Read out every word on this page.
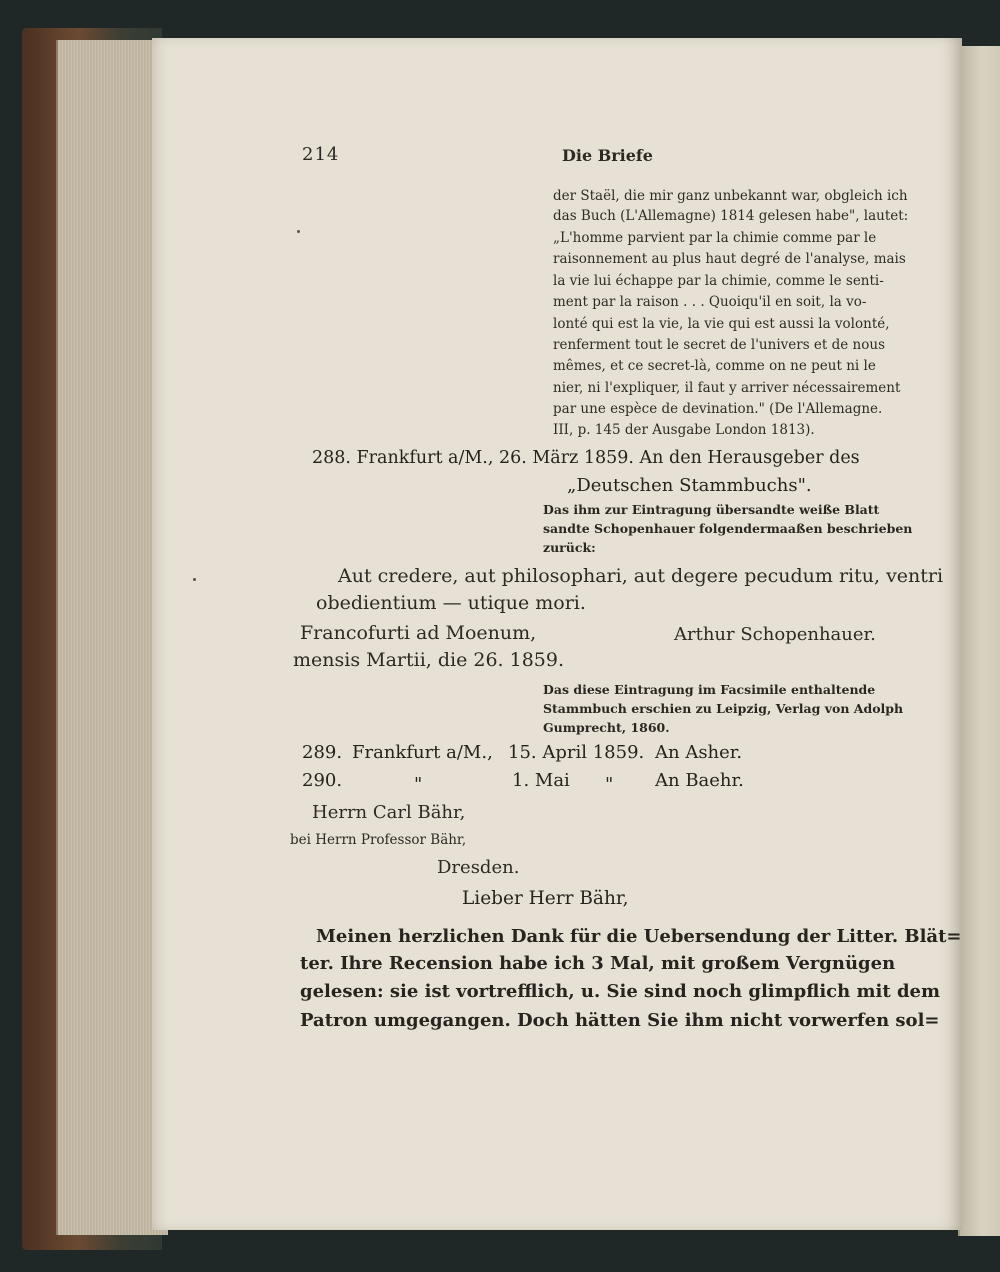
214	Die Briefe
der Staël, die mir ganz unbekannt war, obgleich ich
das Buch (L'Allemagne) 1814 gelesen habe", lautet:
„L'homme parvient par la chimie comme par le
raisonnement au plus haut degré de l'analyse, mais
la vie lui échappe par la chimie, comme le senti-
ment par la raison . . . Quoiqu'il en soit, la vo-
lonté qui est la vie, la vie qui est aussi la volonté,
renferment tout le secret de l'univers et de nous
mêmes, et ce secret-là, comme on ne peut ni le
nier, ni l'expliquer, il faut y arriver nécessairement
par une espèce de devination." (De l'Allemagne.
III, p. 145 der Ausgabe London 1813).
288. Frankfurt a/M., 26. März 1859. An den Herausgeber des
„Deutschen Stammbuchs".
Das ihm zur Eintragung übersandte weiße Blatt
sandte Schopenhauer folgendermaaßen beschrieben
zurück:
Aut credere, aut philosophari, aut degere pecudum ritu, ventri
obedientium — utique mori.
Francofurti ad Moenum,	Arthur Schopenhauer.
mensis Martii, die 26. 1859.
Das diese Eintragung im Facsimile enthaltende
Stammbuch erschien zu Leipzig, Verlag von Adolph
Gumprecht, 1860.
289. Frankfurt a/M., 15. April 1859. An Asher.
290.	"	1. Mai " An Baehr.
Herrn Carl Bähr,
bei Herrn Professor Bähr,
Dresden.
Lieber Herr Bähr,
Meinen herzlichen Dank für die Uebersendung der Litter. Blät=
ter. Ihre Recension habe ich 3 Mal, mit großem Vergnügen
gelesen: sie ist vortrefflich, u. Sie sind noch glimpflich mit dem
Patron umgegangen. Doch hätten Sie ihm nicht vorwerfen sol=
